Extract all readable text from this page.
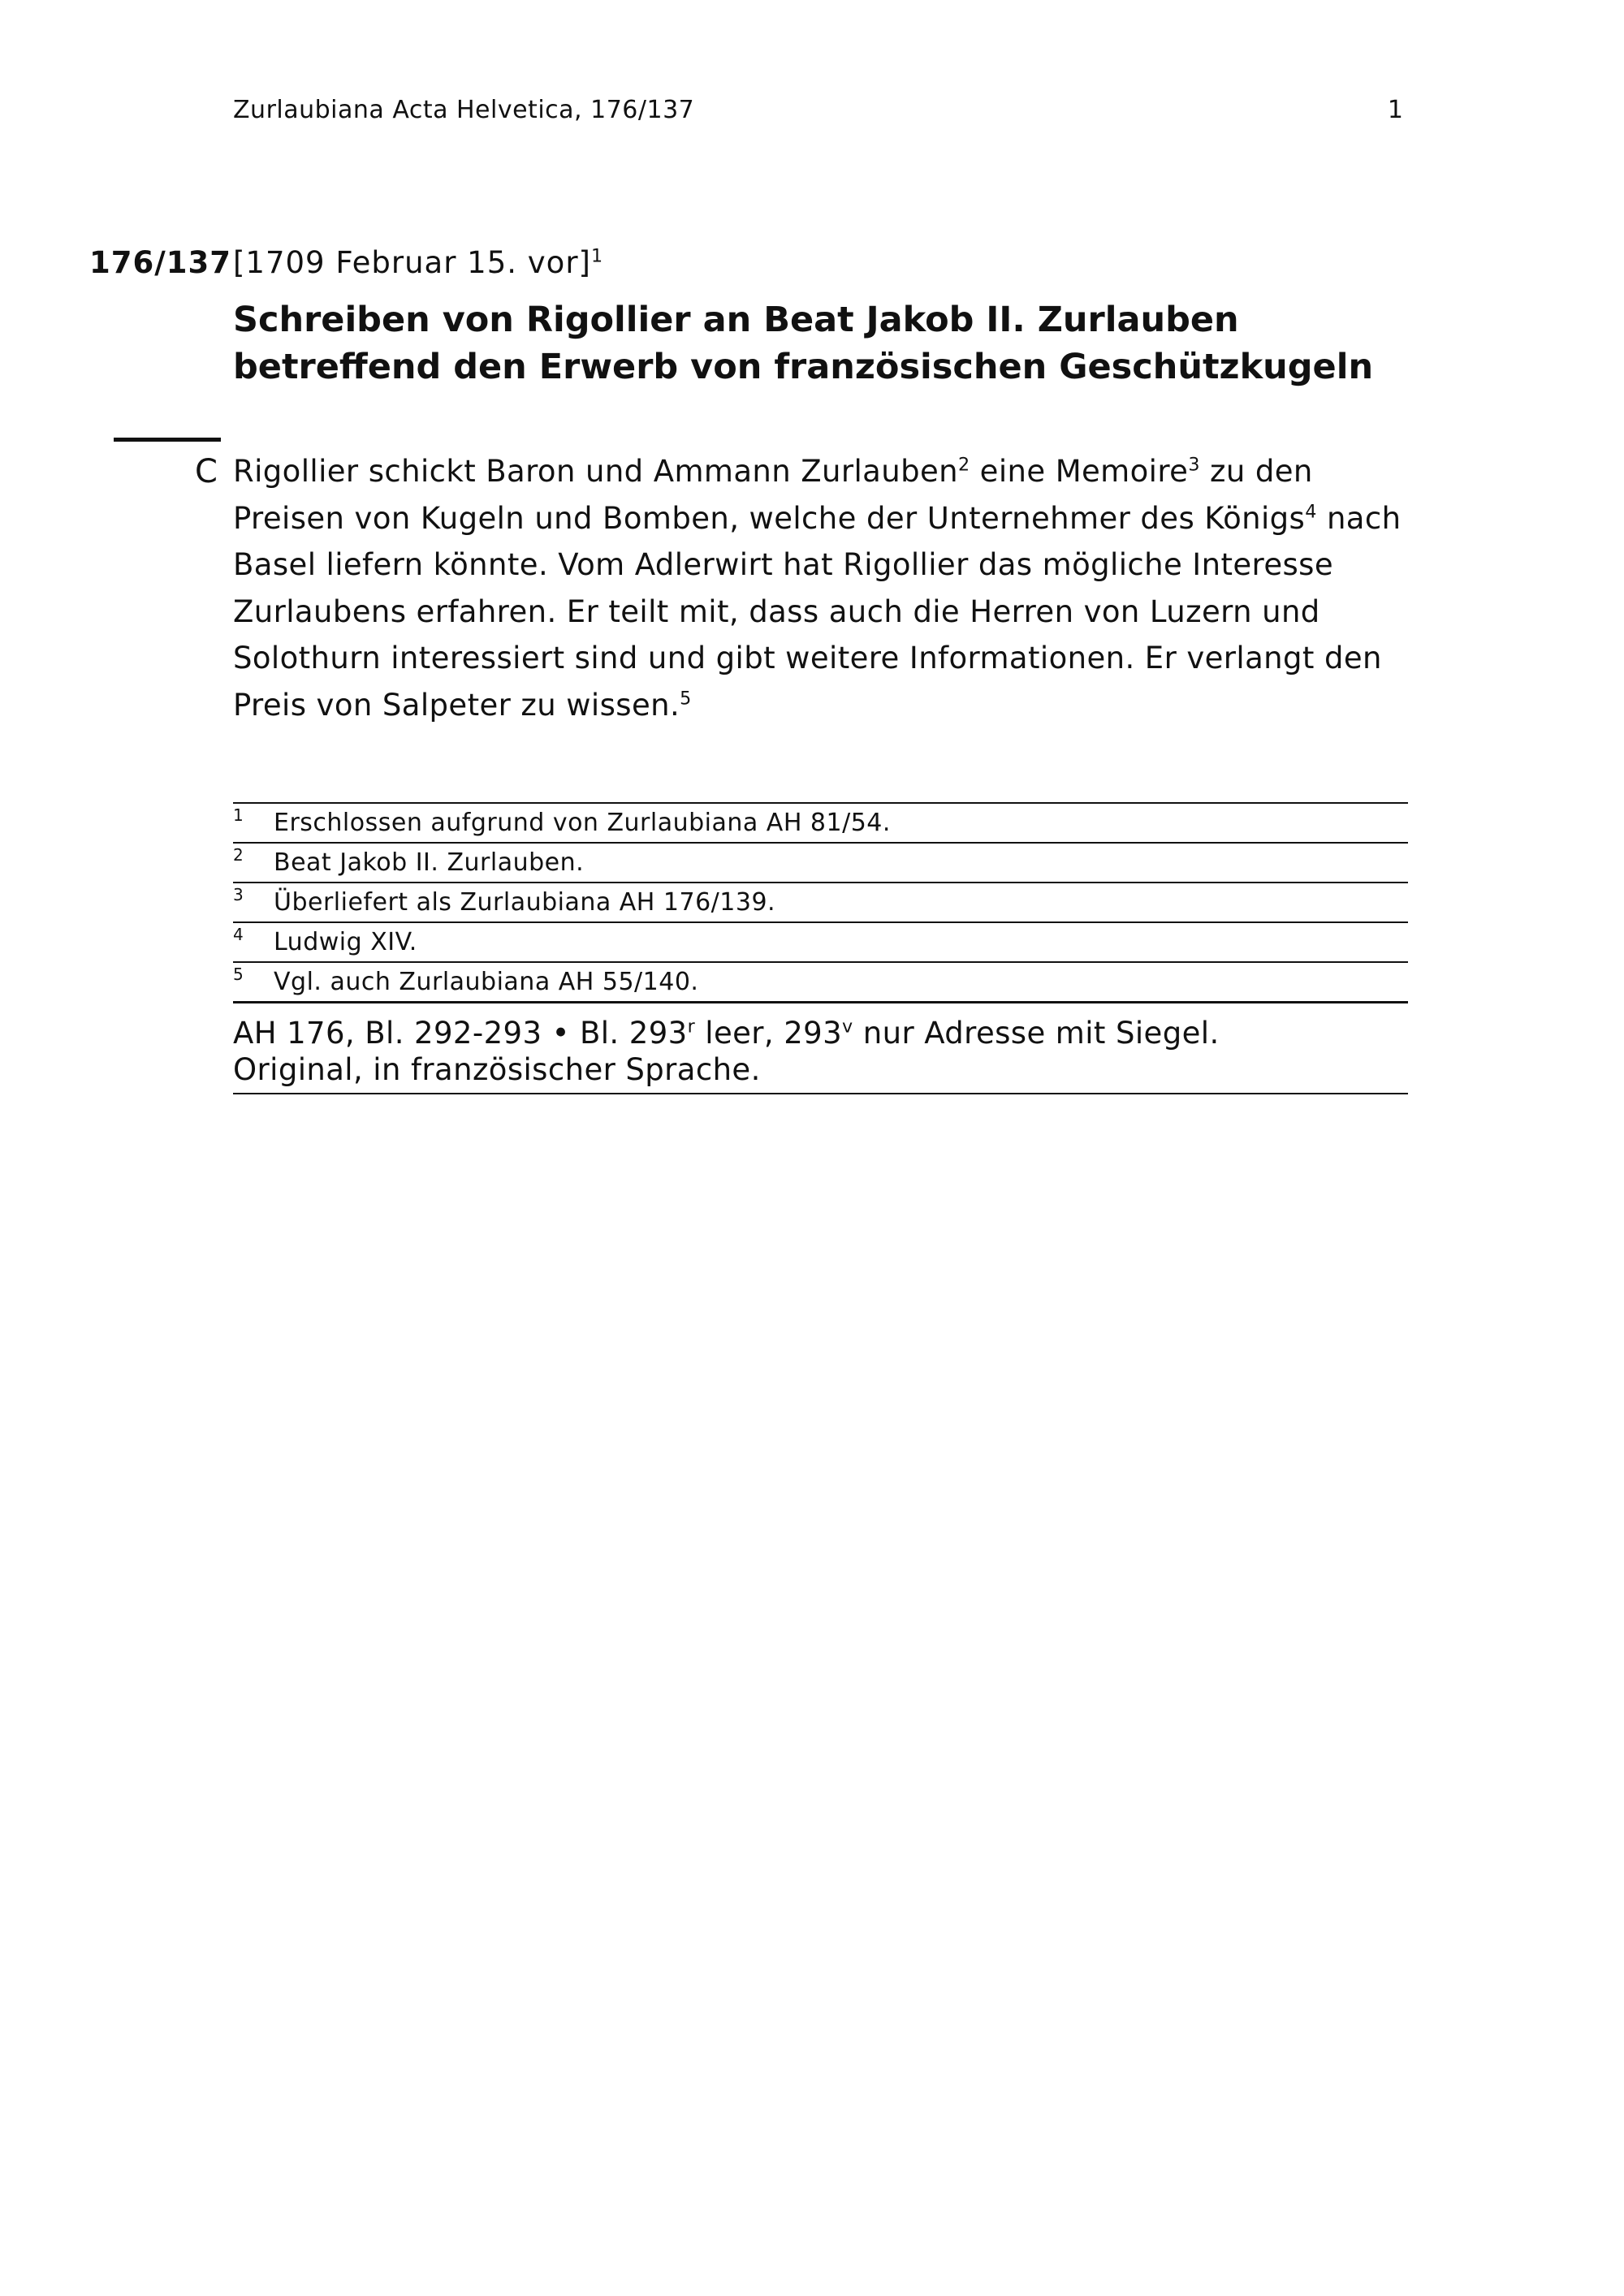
Zurlaubiana Acta Helvetica, 176/137	1
176/137 [1709 Februar 15. vor]$^1$
Schreiben von Rigollier an Beat Jakob II. Zurlauben betreffend den Erwerb von französischen Geschützkugeln
C Rigollier schickt Baron und Ammann Zurlauben$^2$ eine Memoire$^3$ zu den Preisen von Kugeln und Bomben, welche der Unternehmer des Königs$^4$ nach Basel liefern könnte. Vom Adlerwirt hat Rigollier das mögliche Interesse Zurlaubens erfahren. Er teilt mit, dass auch die Herren von Luzern und Solothurn interessiert sind und gibt weitere Informationen. Er verlangt den Preis von Salpeter zu wissen.$^5$
1 Erschlossen aufgrund von Zurlaubiana AH 81/54.
2 Beat Jakob II. Zurlauben.
3 Überliefert als Zurlaubiana AH 176/139.
4 Ludwig XIV.
5 Vgl. auch Zurlaubiana AH 55/140.
AH 176, Bl. 292-293 • Bl. 293$^r$ leer, 293$^v$ nur Adresse mit Siegel.
Original, in französischer Sprache.
